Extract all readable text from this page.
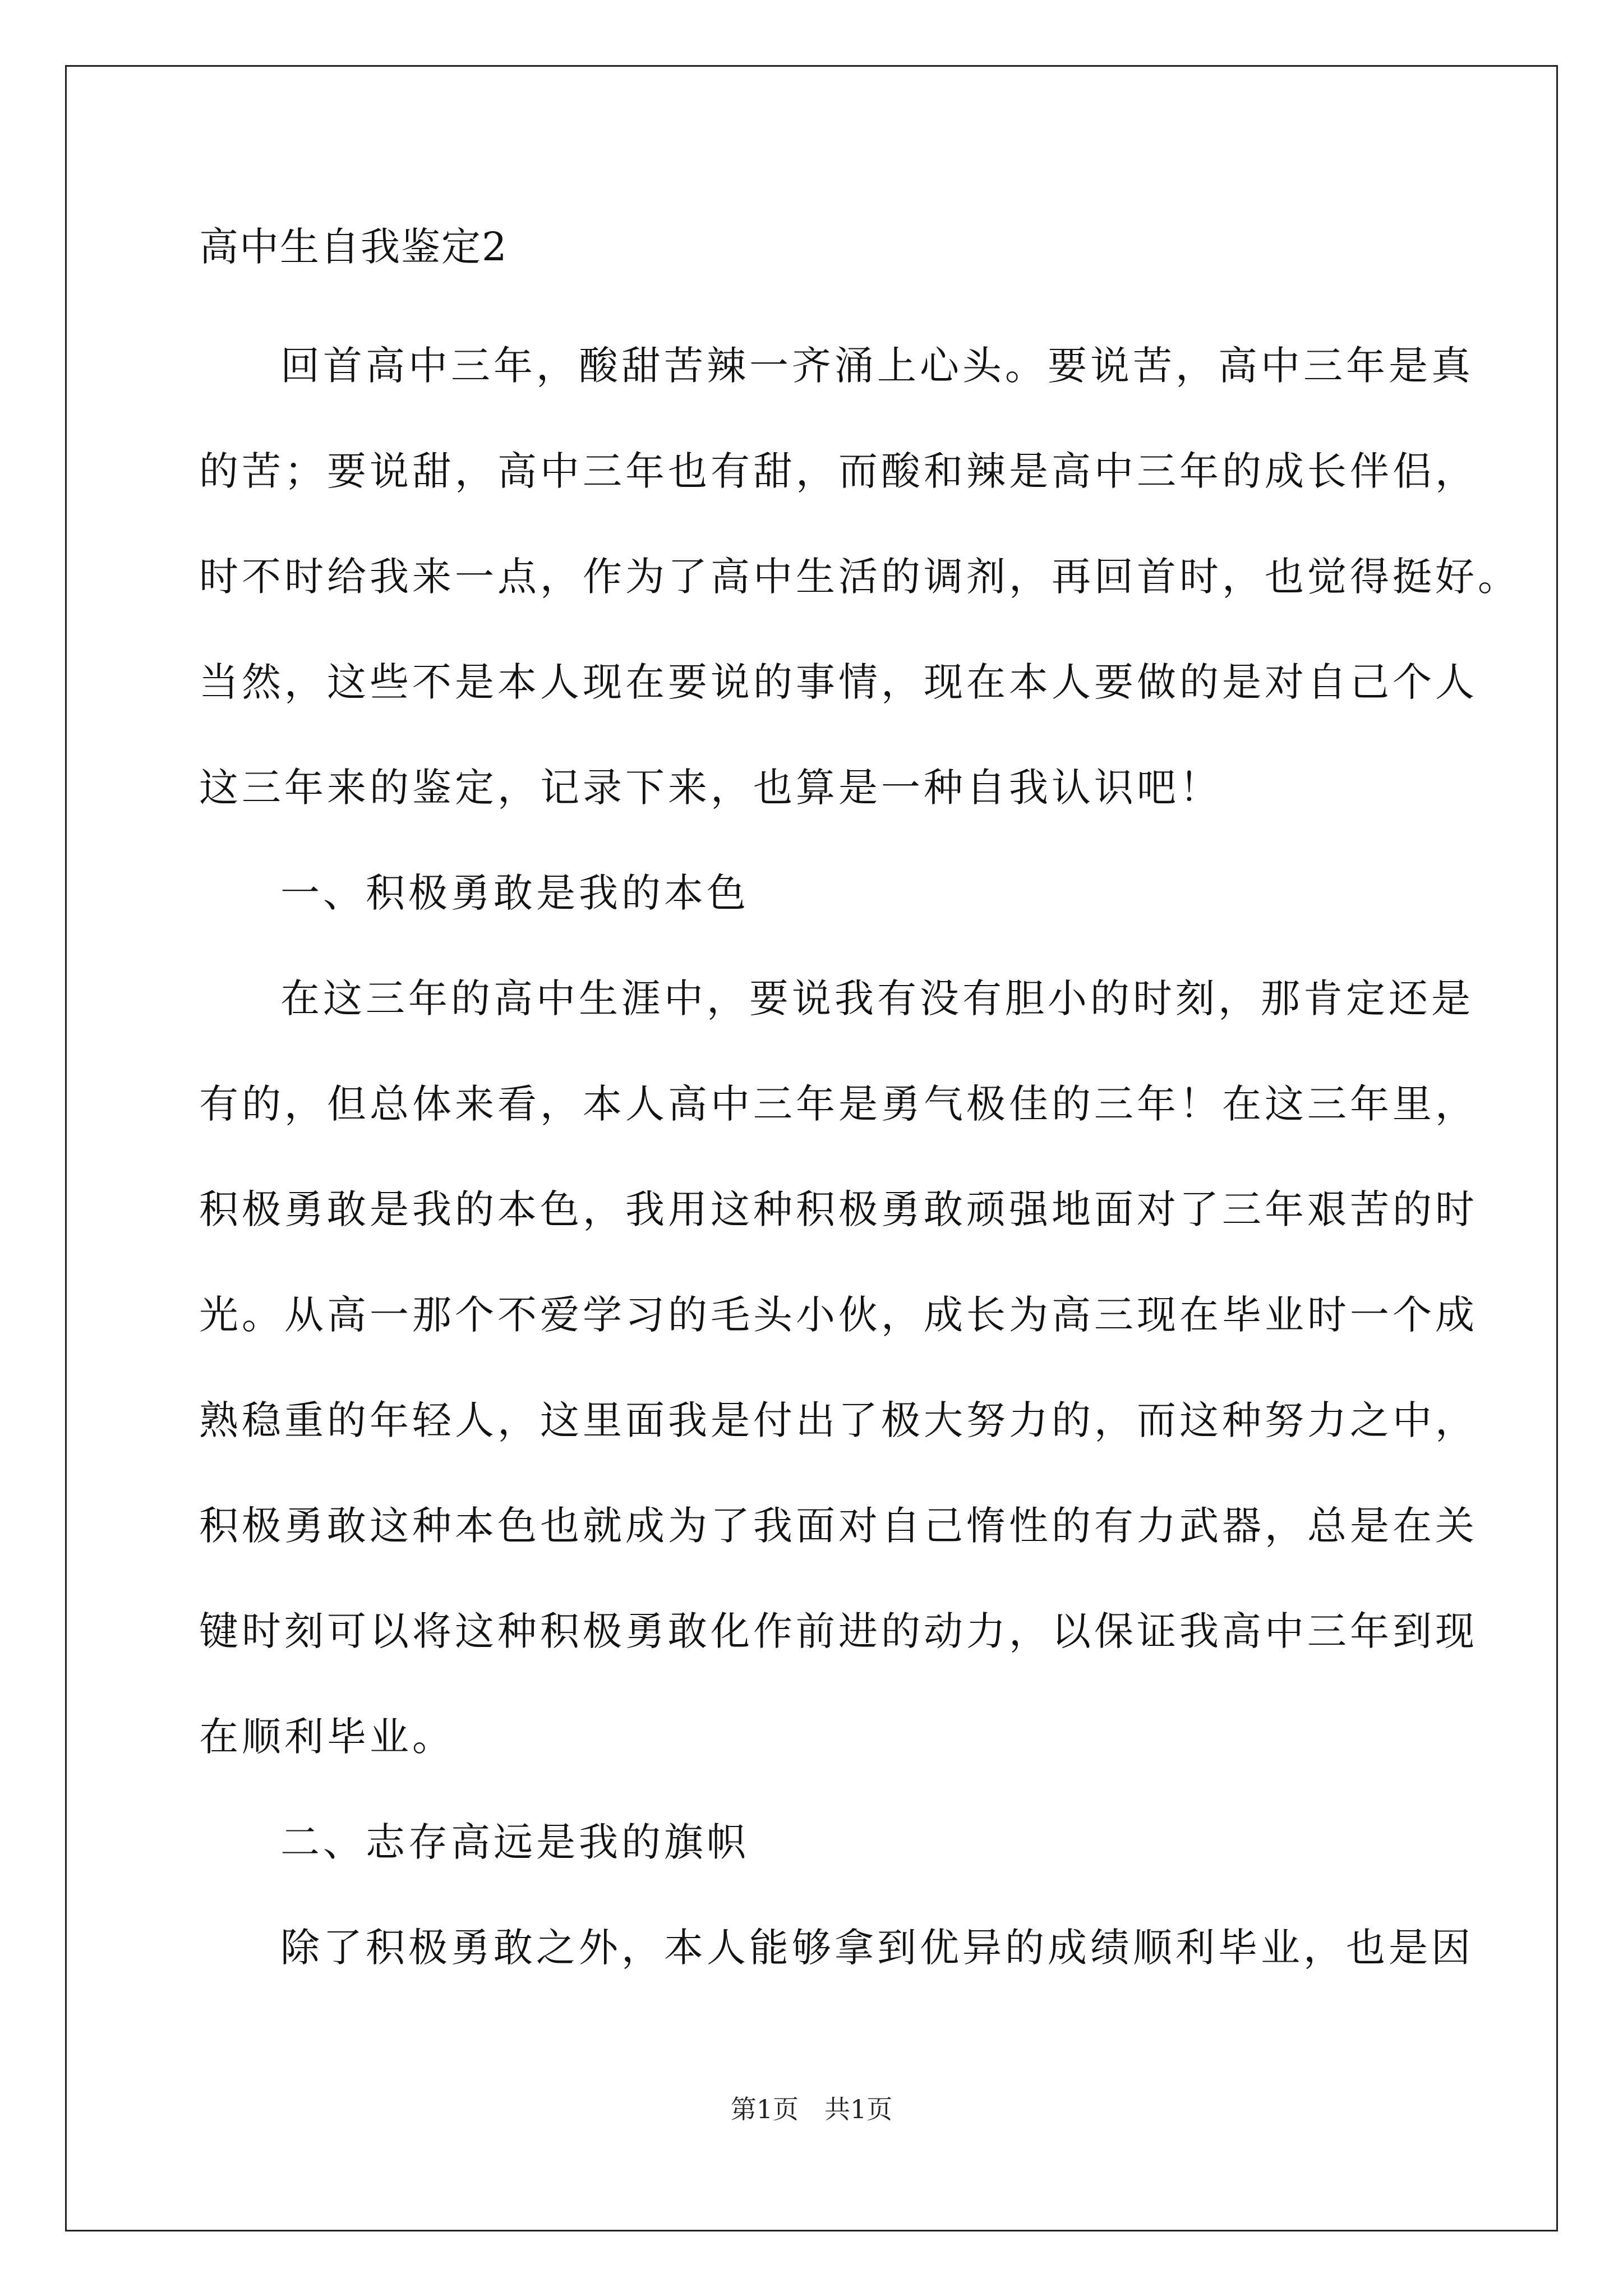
高中生自我鉴定2
回首高中三年，酸甜苦辣一齐涌上心头。要说苦，高中三年是真
的苦；要说甜，高中三年也有甜，而酸和辣是高中三年的成长伴侣，
时不时给我来一点，作为了高中生活的调剂，再回首时，也觉得挺好。
当然，这些不是本人现在要说的事情，现在本人要做的是对自己个人
这三年来的鉴定，记录下来，也算是一种自我认识吧！
一、积极勇敢是我的本色
在这三年的高中生涯中，要说我有没有胆小的时刻，那肯定还是
有的，但总体来看，本人高中三年是勇气极佳的三年！在这三年里，
积极勇敢是我的本色，我用这种积极勇敢顽强地面对了三年艰苦的时
光。从高一那个不爱学习的毛头小伙，成长为高三现在毕业时一个成
熟稳重的年轻人，这里面我是付出了极大努力的，而这种努力之中，
积极勇敢这种本色也就成为了我面对自己惰性的有力武器，总是在关
键时刻可以将这种积极勇敢化作前进的动力，以保证我高中三年到现
在顺利毕业。
二、志存高远是我的旗帜
除了积极勇敢之外，本人能够拿到优异的成绩顺利毕业，也是因
第1页　共1页
